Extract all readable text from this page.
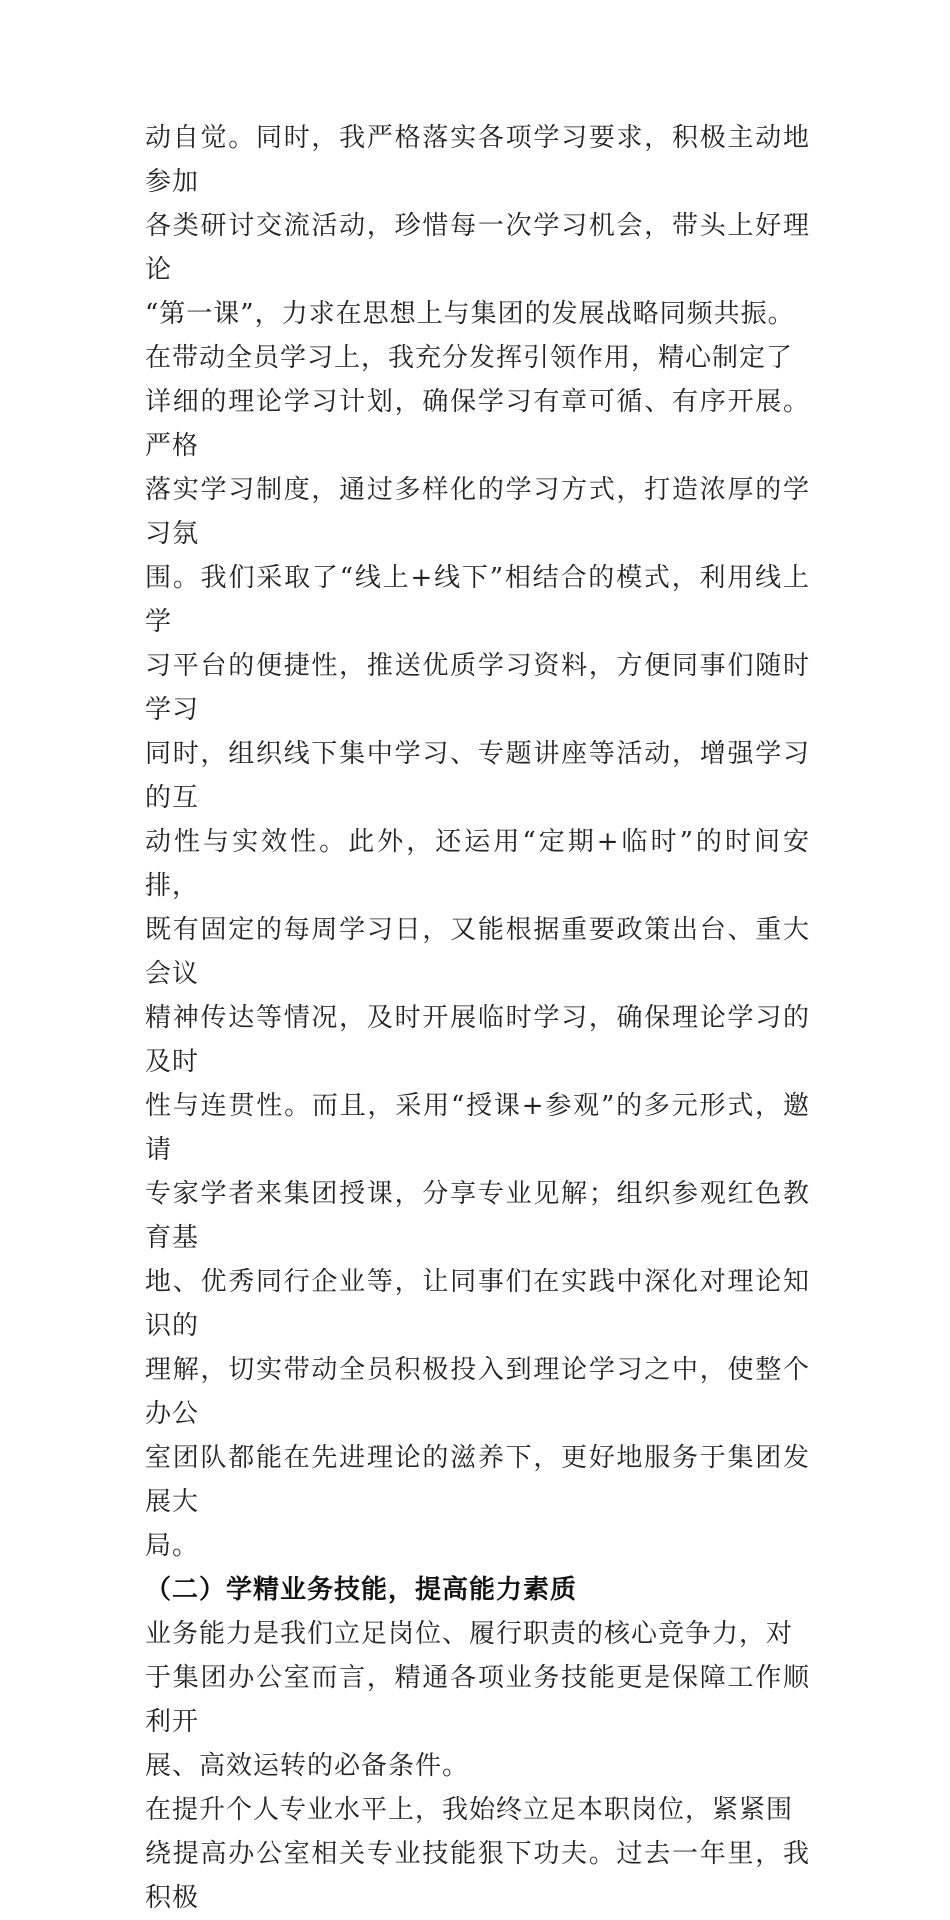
动自觉。同时，我严格落实各项学习要求，积极主动地参加
各类研讨交流活动，珍惜每一次学习机会，带头上好理论
“第一课”，力求在思想上与集团的发展战略同频共振。

在带动全员学习上，我充分发挥引领作用，精心制定了
详细的理论学习计划，确保学习有章可循、有序开展。严格
落实学习制度，通过多样化的学习方式，打造浓厚的学习氛
围。我们采取了“线上+线下”相结合的模式，利用线上学
习平台的便捷性，推送优质学习资料，方便同事们随时学习
同时，组织线下集中学习、专题讲座等活动，增强学习的互
动性与实效性。此外，还运用“定期+临时”的时间安排，
既有固定的每周学习日，又能根据重要政策出台、重大会议
精神传达等情况，及时开展临时学习，确保理论学习的及时
性与连贯性。而且，采用“授课+参观”的多元形式，邀请
专家学者来集团授课，分享专业见解；组织参观红色教育基
地、优秀同行企业等，让同事们在实践中深化对理论知识的
理解，切实带动全员积极投入到理论学习之中，使整个办公
室团队都能在先进理论的滋养下，更好地服务于集团发展大
局。

（二）学精业务技能，提高能力素质

业务能力是我们立足岗位、履行职责的核心竞争力，对
于集团办公室而言，精通各项业务技能更是保障工作顺利开
展、高效运转的必备条件。

在提升个人专业水平上，我始终立足本职岗位，紧紧围
绕提高办公室相关专业技能狠下功夫。过去一年里，我积极
